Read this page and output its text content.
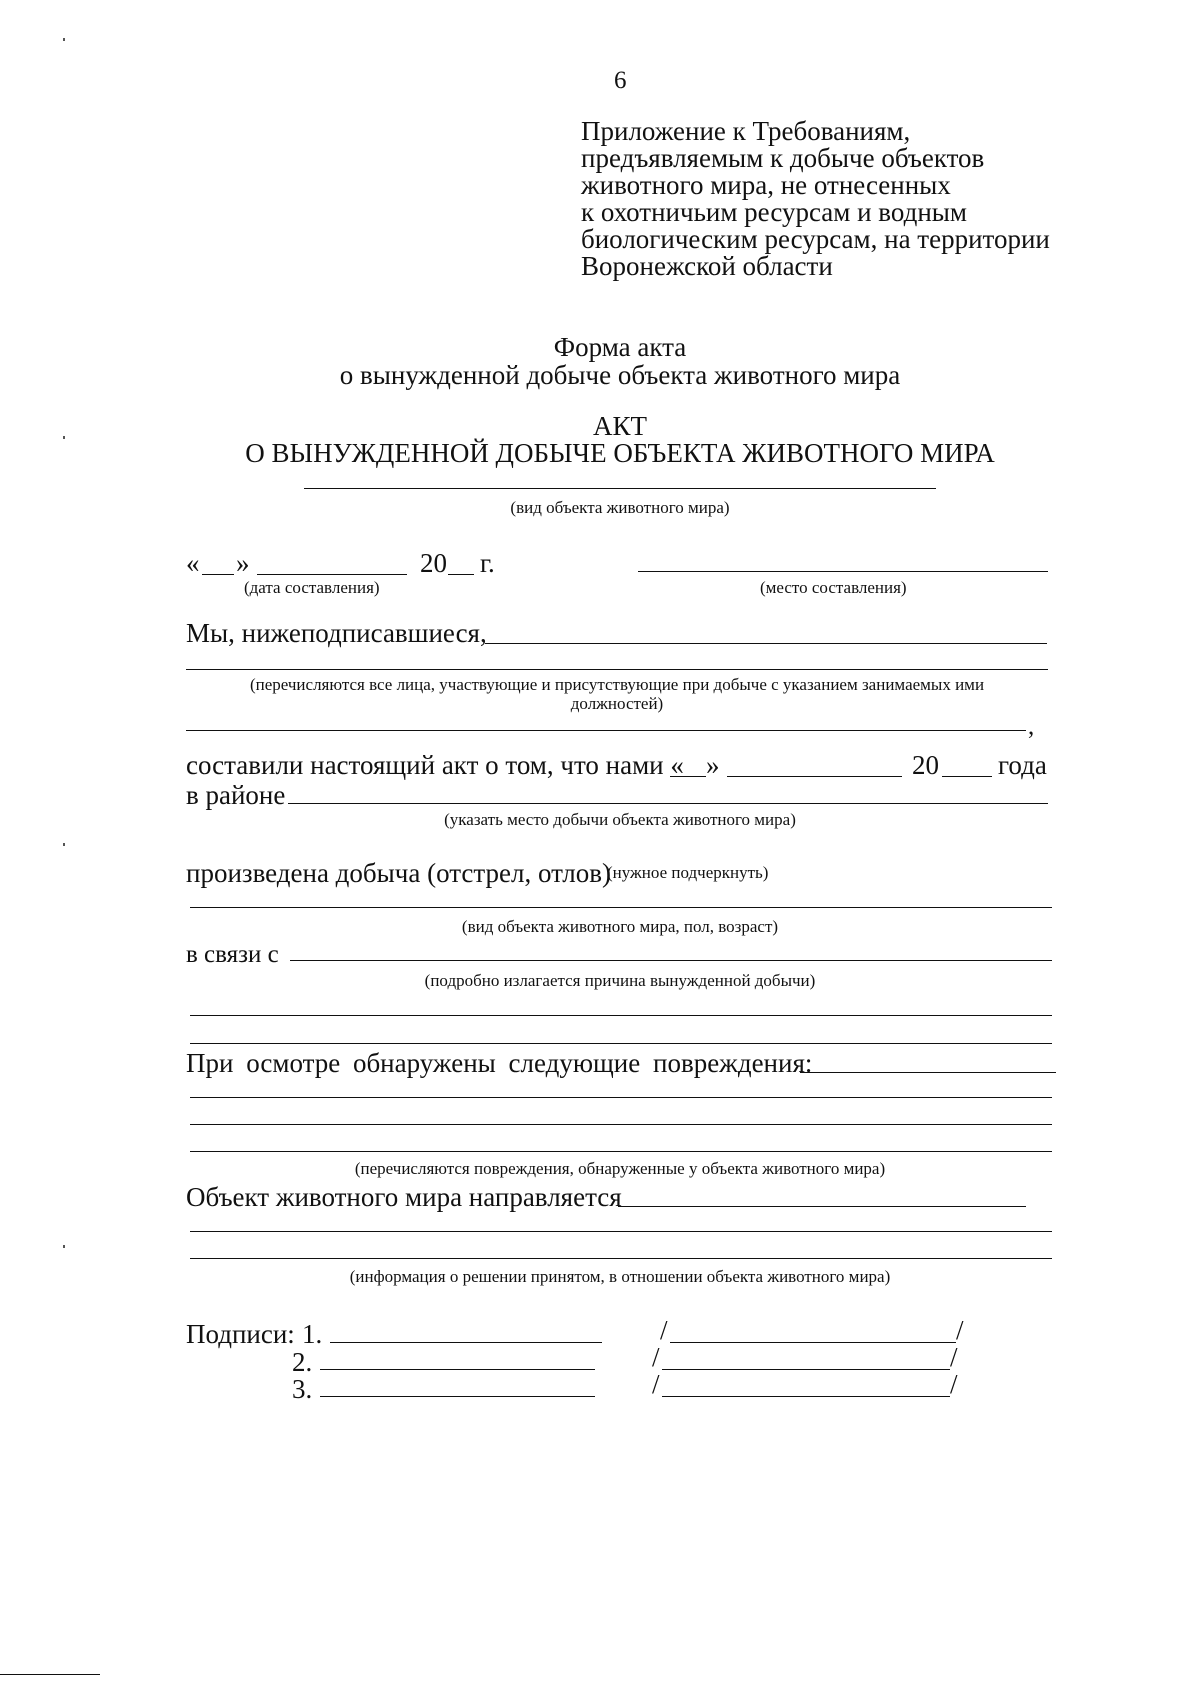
6
Приложение к Требованиям,
предъявляемым к добыче объектов
животного мира, не отнесенных
к охотничьим ресурсам и водным
биологическим ресурсам, на территории
Воронежской области
Форма акта
о вынужденной добыче объекта животного мира
АКТ
О ВЫНУЖДЕННОЙ ДОБЫЧЕ ОБЪЕКТА ЖИВОТНОГО МИРА
(вид объекта животного мира)
« »	20 г.
(дата составления)	(место составления)
Мы, нижеподписавшиеся,
(перечисляются все лица, участвующие и присутствующие при добыче с указанием занимаемых ими
должностей)
,
составили настоящий акт о том, что нами « »	20 года
в районе
(указать место добычи объекта животного мира)
произведена добыча (отстрел, отлов)
(нужное подчеркнуть)
(вид объекта животного мира, пол, возраст)
в связи с
(подробно излагается причина вынужденной добычи)
При осмотре обнаружены следующие повреждения:
(перечисляются повреждения, обнаруженные у объекта животного мира)
Объект животного мира направляется
(информация о решении принятом, в отношении объекта животного мира)
Подписи: 1.	/	/
2.	/	/
3.	/	/
